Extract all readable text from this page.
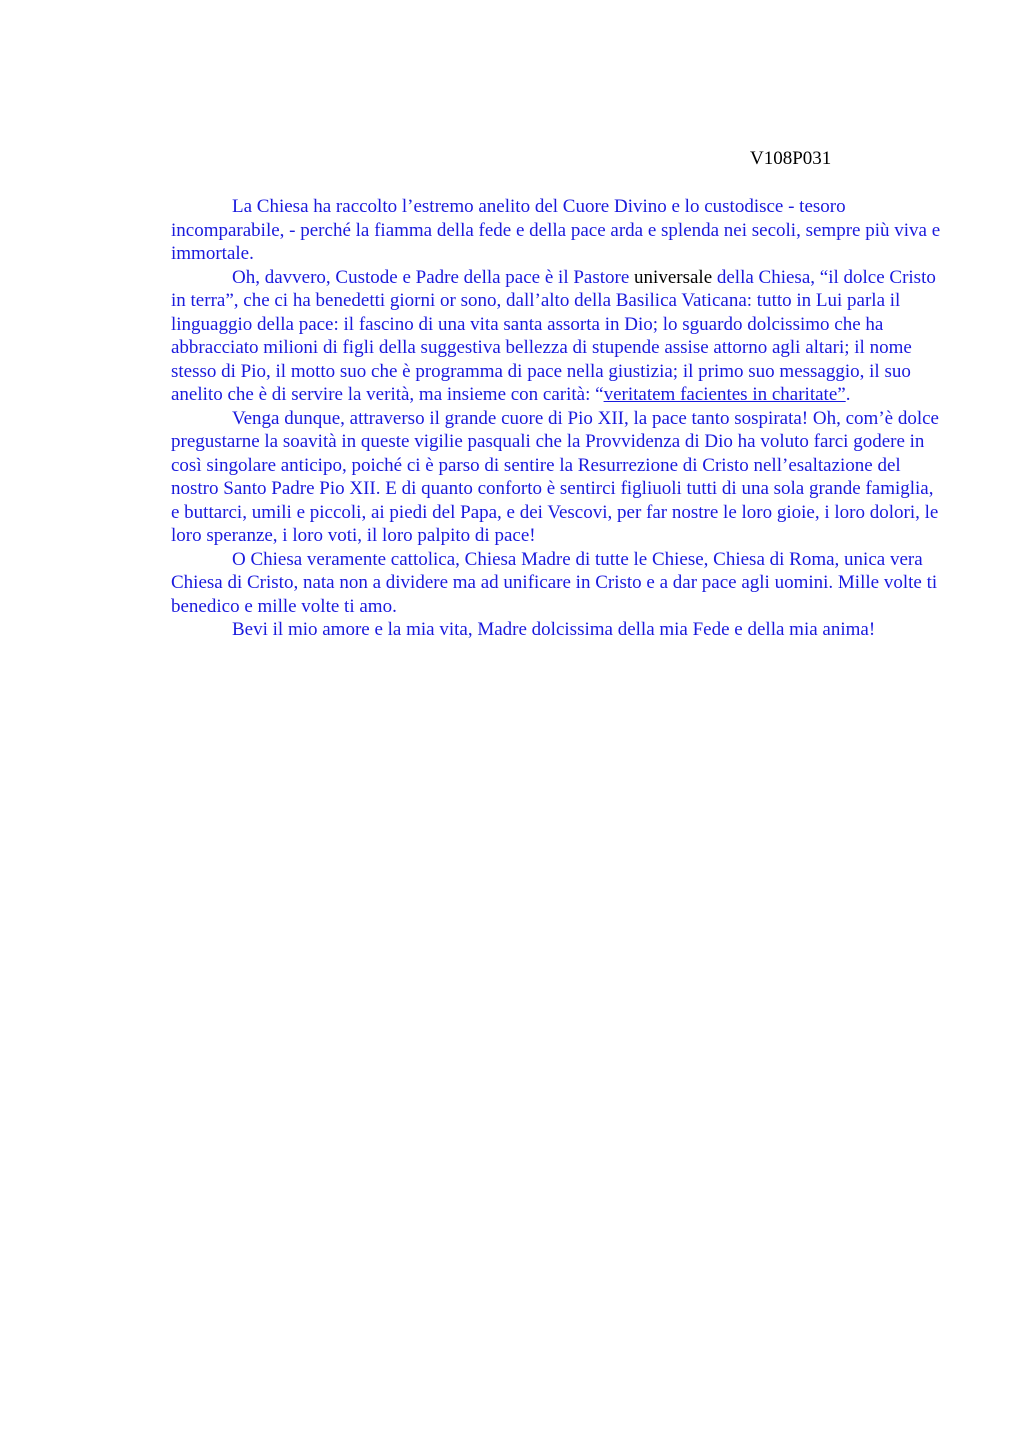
V108P031

La Chiesa ha raccolto l’estremo anelito del Cuore Divino e lo custodisce - tesoro incomparabile, - perché la fiamma della fede e della pace arda e splenda nei secoli, sempre più viva e immortale.

Oh, davvero, Custode e Padre della pace è il Pastore universale della Chiesa, “il dolce Cristo in terra”, che ci ha benedetti giorni or sono, dall’alto della Basilica Vaticana: tutto in Lui parla il linguaggio della pace: il fascino di una vita santa assorta in Dio; lo sguardo dolcissimo che ha abbracciato milioni di figli della suggestiva bellezza di stupende assise attorno agli altari; il nome stesso di Pio, il motto suo che è programma di pace nella giustizia; il primo suo messaggio, il suo anelito che è di servire la verità, ma insieme con carità: “veritatem facientes in charitate”.

Venga dunque, attraverso il grande cuore di Pio XII, la pace tanto sospirata! Oh, com’è dolce pregustarne la soavità in queste vigilie pasquali che la Provvidenza di Dio ha voluto farci godere in così singolare anticipo, poiché ci è parso di sentire la Resurrezione di Cristo nell’esaltazione del nostro Santo Padre Pio XII. E di quanto conforto è sentirci figliuoli tutti di una sola grande famiglia, e buttarci, umili e piccoli, ai piedi del Papa, e dei Vescovi, per far nostre le loro gioie, i loro dolori, le loro speranze, i loro voti, il loro palpito di pace!

O Chiesa veramente cattolica, Chiesa Madre di tutte le Chiese, Chiesa di Roma, unica vera Chiesa di Cristo, nata non a dividere ma ad unificare in Cristo e a dar pace agli uomini. Mille volte ti benedico e mille volte ti amo.

Bevi il mio amore e la mia vita, Madre dolcissima della mia Fede e della mia anima!
